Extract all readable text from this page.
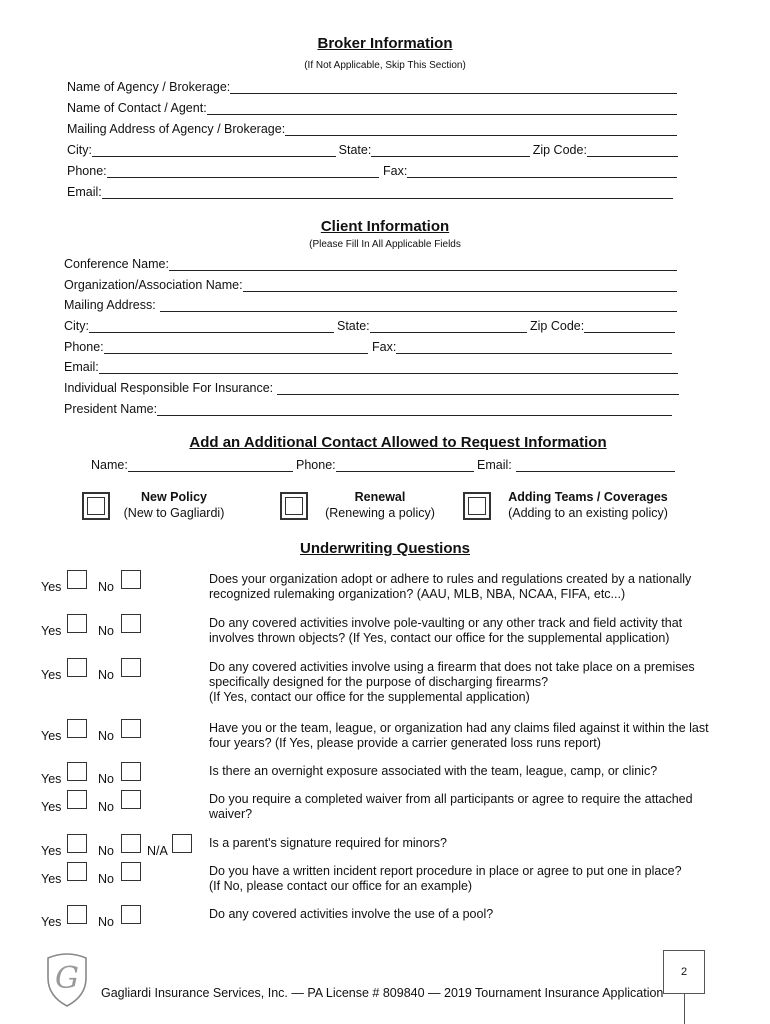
Broker Information
(If Not Applicable, Skip This Section)
Name of Agency / Brokerage:
Name of Contact / Agent:
Mailing Address of Agency / Brokerage:
City:	State:	Zip Code:
Phone:	Fax:
Email:
Client Information
(Please Fill In All Applicable Fields
Conference Name:
Organization/Association Name:
Mailing Address:
City:	State:	Zip Code:
Phone:	Fax:
Email:
Individual Responsible For Insurance:
President Name:
Add an Additional Contact Allowed to Request Information
Name:	Phone:	Email:
New Policy
(New to Gagliardi)
Renewal
(Renewing a policy)
Adding Teams / Coverages
(Adding to an existing policy)
Underwriting Questions
Yes	No
Does your organization adopt or adhere to rules and regulations created by a nationally
recognized rulemaking organization? (AAU, MLB, NBA, NCAA, FIFA, etc...)
Yes	No
Do any covered activities involve pole-vaulting or any other track and field activity that
involves thrown objects? (If Yes, contact our office for the supplemental application)
Yes	No
Do any covered activities involve using a firearm that does not take place on a premises
specifically designed for the purpose of discharging firearms?
(If Yes, contact our office for the supplemental application)
Yes	No
Have you or the team, league, or organization had any claims filed against it within the last
four years? (If Yes, please provide a carrier generated loss runs report)
Yes	No
Is there an overnight exposure associated with the team, league, camp, or clinic?
Yes	No
Do you require a completed waiver from all participants or agree to require the attached
waiver?
Yes	No	N/A
Is a parent's signature required for minors?
Yes	No
Do you have a written incident report procedure in place or agree to put one in place?
(If No, please contact our office for an example)
Yes	No
Do any covered activities involve the use of a pool?
G Gagliardi Insurance Services, Inc. — PA License # 809840 — 2019 Tournament Insurance Application
2
